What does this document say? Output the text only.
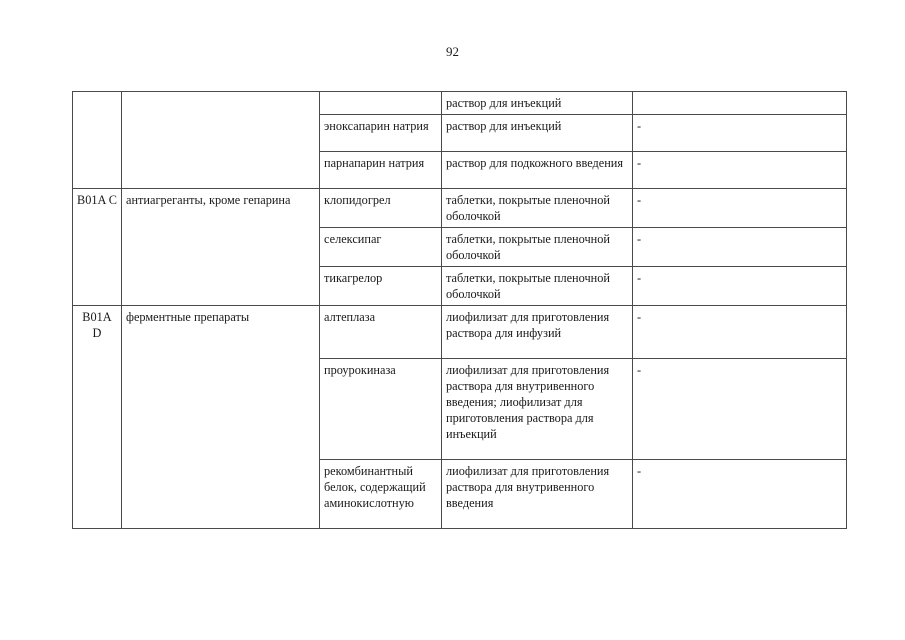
92
			раствор для инъекций	
		эноксапарин натрия	раствор для инъекций	-
		парнапарин натрия	раствор для подкожного введения	-
B01A C	антиагреганты, кроме гепарина	клопидогрел	таблетки, покрытые пленочной оболочкой	-
		селексипаг	таблетки, покрытые пленочной оболочкой	-
		тикагрелор	таблетки, покрытые пленочной оболочкой	-
B01A D	ферментные препараты	алтеплаза	лиофилизат для приготовления раствора для инфузий	-
		проурокиназа	лиофилизат для приготовления раствора для внутривенного введения; лиофилизат для приготовления раствора для инъекций	-
		рекомбинантный белок, содержащий аминокислотную	лиофилизат для приготовления раствора для внутривенного введения	-
